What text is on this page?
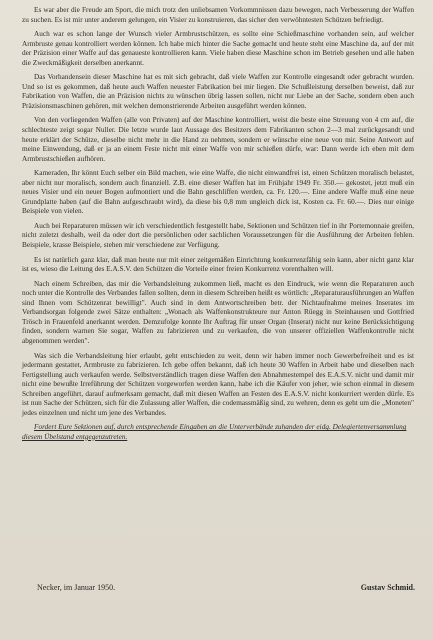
Es war aber die Freude am Sport, die mich trotz den unliebsamen Vorkommnissen dazu bewegen, nach Verbesserung der Waffen zu suchen. Es ist mir unter anderem gelungen, ein Visier zu konstruieren, das sicher den verwöhntesten Schützen befriedigt.

Auch war es schon lange der Wunsch vieler Armbrustschützen, es sollte eine Schießmaschine vorhanden sein, auf welcher Armbruste genau kontrolliert werden können. Ich habe mich hinter die Sache gemacht und heute steht eine Maschine da, auf der mit der Präzision einer Waffe auf das genaueste kontrollieren kann. Viele haben diese Maschine schon im Betrieb gesehen und alle haben die Zweckmäßigkeit derselben anerkannt.

Das Vorhandensein dieser Maschine hat es mit sich gebracht, daß viele Waffen zur Kontrolle eingesandt oder gebracht wurden. Und so ist es gekommen, daß heute auch Waffen neuester Fabrikation bei mir liegen. Die Schußleistung derselben beweist, daß zur Fabrikation von Waffen, die an Präzision nichts zu wünschen übrig lassen sollen, nicht nur Liebe an der Sache, sondern eben auch Präzisionsmaschinen gehören, mit welchen demonstrierende Arbeiten ausgeführt werden können.

Von den vorliegenden Waffen (alle von Privaten) auf der Maschine kontrolliert, weist die beste eine Streuung von 4 cm auf, die schlechteste zeigt sogar Nuller. Die letzte wurde laut Aussage des Besitzers dem Fabrikanten schon 2—3 mal zurückgesandt und heute erklärt der Schütze, dieselbe nicht mehr in die Hand zu nehmen, sondern er wünsche eine neue von mir. Seine Antwort auf meine Einwendung, daß er ja an einem Feste nicht mit einer Waffe von mir schießen dürfe, war: Dann werde ich eben mit dem Armbrustschießen aufhören.

Kameraden, Ihr könnt Euch selber ein Bild machen, wie eine Waffe, die nicht einwandfrei ist, einen Schützen moralisch belastet, aber nicht nur moralisch, sondern auch finanziell. Z.B. eine dieser Waffen hat im Frühjahr 1949 Fr. 350.— gekostet, jetzt muß ein neues Visier und ein neuer Bogen aufmontiert und die Bahn geschliffen werden, ca. Fr. 120.—. Eine andere Waffe muß eine neue Grundplatte haben (auf die Bahn aufgeschraubt wird), da diese bis 0,8 mm ungleich dick ist, Kosten ca. Fr. 60.—. Dies nur einige Beispiele von vielen.

Auch bei Reparaturen müssen wir ich verschiedentlich festgestellt habe, Sektionen und Schützen tief in ihr Portemonnaie greifen, nicht zuletzt deshalb, weil da oder dort die persönlichen oder sachlichen Voraussetzungen für die Ausführung der Arbeiten fehlen. Beispiele, krasse Beispiele, stehen mir verschiedene zur Verfügung.

Es ist natürlich ganz klar, daß man heute nur mit einer zeitgemäßen Einrichtung konkurrenzfähig sein kann, aber nicht ganz klar ist es, wieso die Leitung des E.A.S.V. den Schützen die Vorteile einer freien Konkurrenz vorenthalten will.

Nach einem Schreiben, das mir die Verbandsleitung zukommen ließ, macht es den Eindruck, wie wenn die Reparaturen auch noch unter die Kontrolle des Verbandes fallen sollten, denn in diesem Schreiben heißt es wörtlich: „Reparaturausführungen an Waffen sind Ihnen vom Schützenrat bewilligt". Auch sind in dem Antwortschreiben betr. der Nichtaufnahme meines Inserates im Verbandsorgan folgende zwei Sätze enthalten: „Wonach als Waffenkonstrukteure nur Anton Rüegg in Steinhausen und Gottfried Trösch in Frauenfeld anerkannt werden. Demzufolge konnte Ihr Auftrag für unser Organ (Inserat) nicht nur keine Berücksichtigung finden, sondern warnen Sie sogar, Waffen zu fabrizieren und zu verkaufen, die von unserer offiziellen Waffenkontrolle nicht abgenommen werden".

Was sich die Verbandsleitung hier erlaubt, geht entschieden zu weit, denn wir haben immer noch Gewerbefreiheit und es ist jedermann gestattet, Armbruste zu fabrizieren. Ich gebe offen bekannt, daß ich heute 30 Waffen in Arbeit habe und dieselben nach Fertigstellung auch verkaufen werde. Selbstverständlich tragen diese Waffen den Abnahmestempel des E.A.S.V. nicht und damit mir nicht eine bewußte Irreführung der Schützen vorgeworfen werden kann, habe ich die Käufer von jeher, wie schon einmal in diesem Schreiben angeführt, darauf aufmerksam gemacht, daß mit diesen Waffen an Festen des E.A.S.V. nicht konkurriert werden dürfe. Es ist nun Sache der Schützen, sich für die Zulassung aller Waffen, die codemassmäßig sind, zu wehren, denn es geht um die „Moneten" jedes einzelnen und nicht um jene des Verbandes.

Fordert Eure Sektionen auf, durch entsprechende Eingaben an die Unterverbände zuhanden der eidg. Delegiertenversammlung diesem Übelstand entgegenzutreten.

Necker, im Januar 1950.	Gustav Schmid.
